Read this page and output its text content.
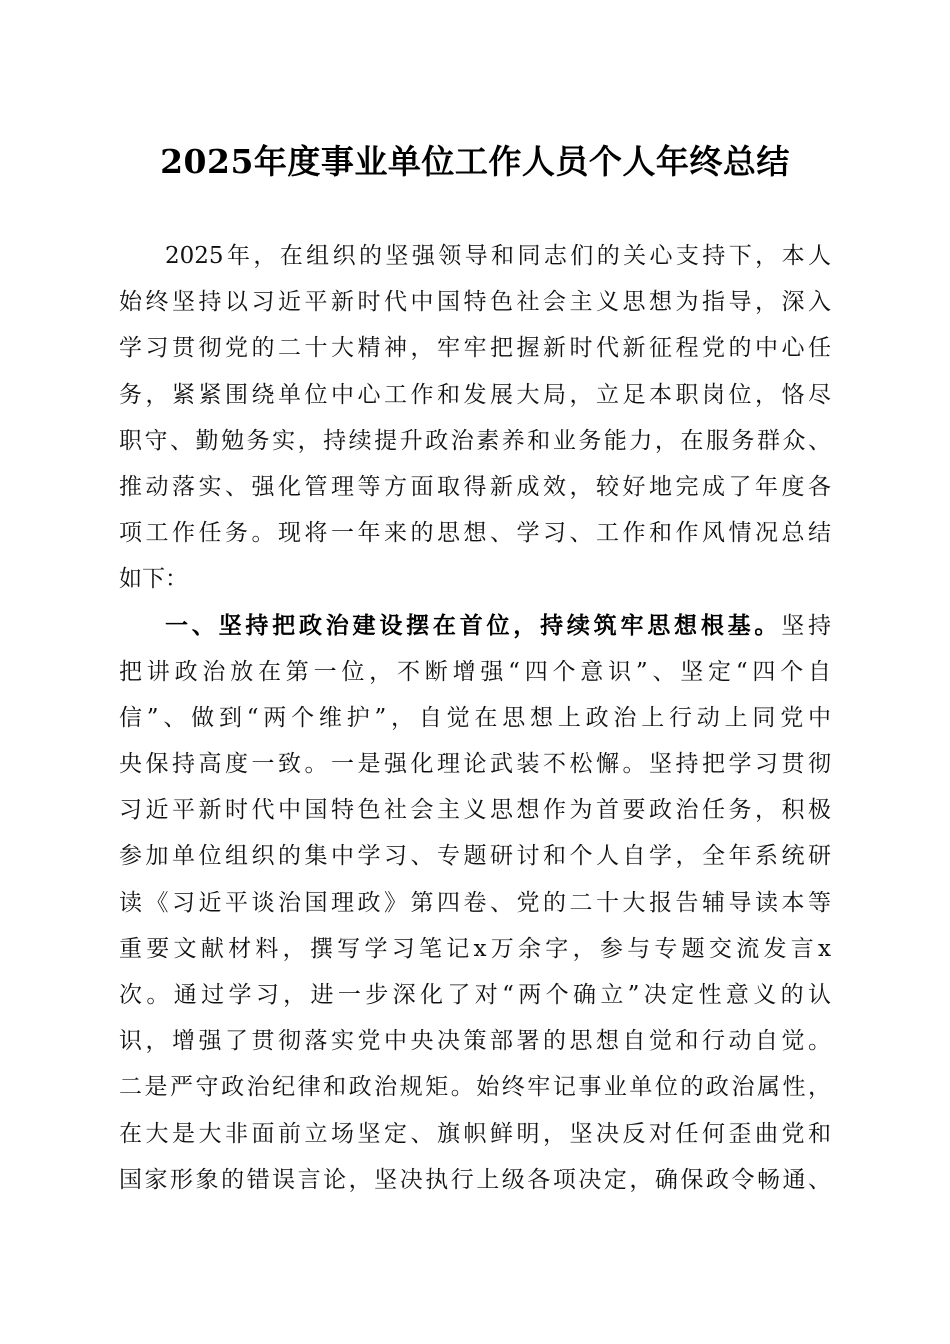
2025年度事业单位工作人员个人年终总结
2025年，在组织的坚强领导和同志们的关心支持下，本人
始终坚持以习近平新时代中国特色社会主义思想为指导，深入
学习贯彻党的二十大精神，牢牢把握新时代新征程党的中心任
务，紧紧围绕单位中心工作和发展大局，立足本职岗位，恪尽
职守、勤勉务实，持续提升政治素养和业务能力，在服务群众、
推动落实、强化管理等方面取得新成效，较好地完成了年度各
项工作任务。现将一年来的思想、学习、工作和作风情况总结
如下：
一、坚持把政治建设摆在首位，持续筑牢思想根基。坚持
把讲政治放在第一位，不断增强“四个意识”、坚定“四个自
信”、做到“两个维护”，自觉在思想上政治上行动上同党中
央保持高度一致。一是强化理论武装不松懈。坚持把学习贯彻
习近平新时代中国特色社会主义思想作为首要政治任务，积极
参加单位组织的集中学习、专题研讨和个人自学，全年系统研
读《习近平谈治国理政》第四卷、党的二十大报告辅导读本等
重要文献材料，撰写学习笔记x万余字，参与专题交流发言x
次。通过学习，进一步深化了对“两个确立”决定性意义的认
识，增强了贯彻落实党中央决策部署的思想自觉和行动自觉。
二是严守政治纪律和政治规矩。始终牢记事业单位的政治属性，
在大是大非面前立场坚定、旗帜鲜明，坚决反对任何歪曲党和
国家形象的错误言论，坚决执行上级各项决定，确保政令畅通、
